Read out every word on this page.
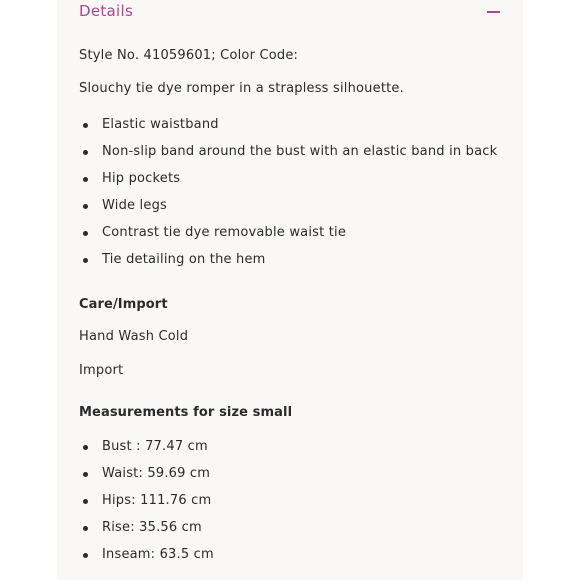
Details
Style No. 41059601; Color Code:
Slouchy tie dye romper in a strapless silhouette.
Elastic waistband
Non-slip band around the bust with an elastic band in back
Hip pockets
Wide legs
Contrast tie dye removable waist tie
Tie detailing on the hem
Care/Import
Hand Wash Cold
Import
Measurements for size small
Bust : 77.47 cm
Waist: 59.69 cm
Hips: 111.76 cm
Rise: 35.56 cm
Inseam: 63.5 cm
